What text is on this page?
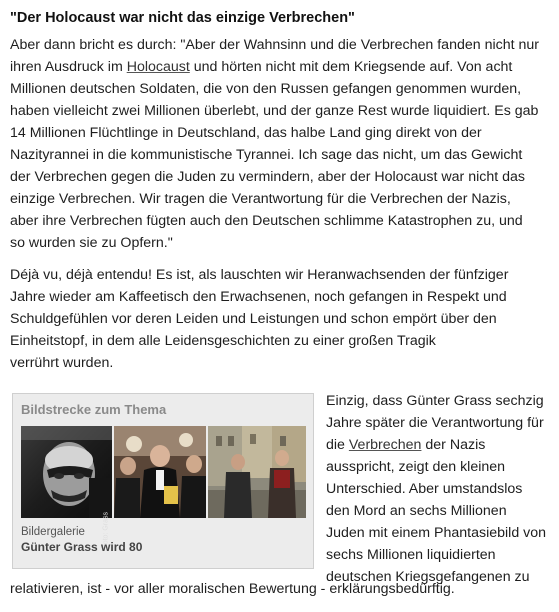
"Der Holocaust war nicht das einzige Verbrechen"

Aber dann bricht es durch: "Aber der Wahnsinn und die Verbrechen fanden nicht nur
ihren Ausdruck im Holocaust und hörten nicht mit dem Kriegsende auf. Von acht
Millionen deutschen Soldaten, die von den Russen gefangen genommen wurden,
haben vielleicht zwei Millionen überlebt, und der ganze Rest wurde liquidiert. Es gab
14 Millionen Flüchtlinge in Deutschland, das halbe Land ging direkt von der
Nazityrannei in die kommunistische Tyrannei. Ich sage das nicht, um das Gewicht
der Verbrechen gegen die Juden zu vermindern, aber der Holocaust war nicht das
einzige Verbrechen. Wir tragen die Verantwortung für die Verbrechen der Nazis,
aber ihre Verbrechen fügten auch den Deutschen schlimme Katastrophen zu, und
so wurden sie zu Opfern."

Déjà vu, déjà entendu! Es ist, als lauschten wir Heranwachsenden der fünfziger
Jahre wieder am Kaffeetisch den Erwachsenen, noch gefangen in Respekt und
Schuldgefühlen vor deren Leiden und Leistungen und schon empört über den
Einheitstopf, in dem alle Leidensgeschichten zu einer großen Tragik
verrührt wurden.

Bildstrecke zum Thema
Foto: Grass
Bildergalerie
Günter Grass wird 80

Einzig, dass Günter Grass sechzig
Jahre später die Verantwortung für
die Verbrechen der Nazis
ausspricht, zeigt den kleinen
Unterschied. Aber umstandslos
den Mord an sechs Millionen
Juden mit einem Phantasiebild von
sechs Millionen liquidierten
deutschen Kriegsgefangenen zu

relativieren, ist - vor aller moralischen Bewertung - erklärungsbedürftig.
